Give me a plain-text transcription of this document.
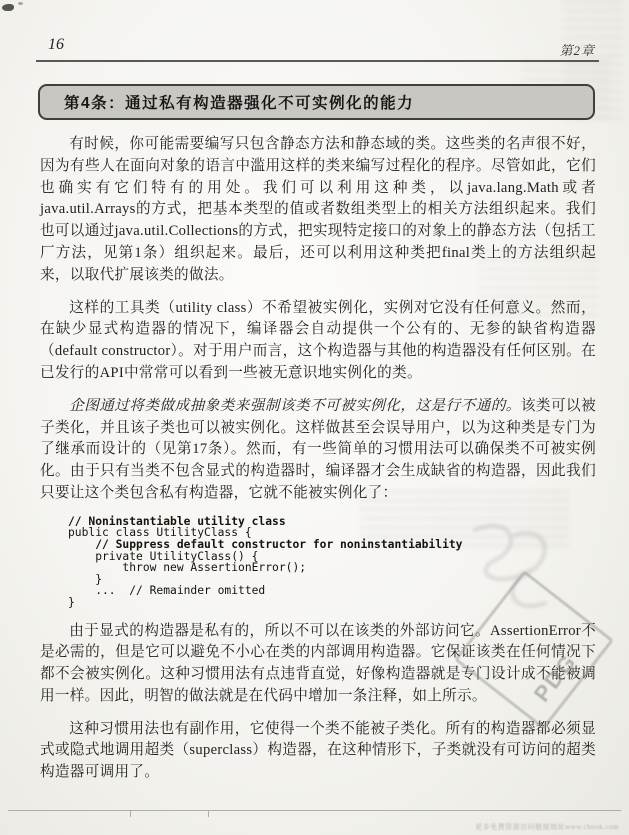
16	第2章
第4条：通过私有构造器强化不可实例化的能力

有时候，你可能需要编写只包含静态方法和静态域的类。这些类的名声很不好，因为有些人在面向对象的语言中滥用这样的类来编写过程化的程序。尽管如此，它们也确实有它们特有的用处。我们可以利用这种类，以java.lang.Math或者java.util.Arrays的方式，把基本类型的值或者数组类型上的相关方法组织起来。我们也可以通过java.util.Collections的方式，把实现特定接口的对象上的静态方法（包括工厂方法，见第1条）组织起来。最后，还可以利用这种类把final类上的方法组织起来，以取代扩展该类的做法。

这样的工具类（utility class）不希望被实例化，实例对它没有任何意义。然而，在缺少显式构造器的情况下，编译器会自动提供一个公有的、无参的缺省构造器（default constructor）。对于用户而言，这个构造器与其他的构造器没有任何区别。在已发行的API中常常可以看到一些被无意识地实例化的类。

企图通过将类做成抽象类来强制该类不可被实例化，这是行不通的。该类可以被子类化，并且该子类也可以被实例化。这样做甚至会误导用户，以为这种类是专门为了继承而设计的（见第17条）。然而，有一些简单的习惯用法可以确保类不可被实例化。由于只有当类不包含显式的构造器时，编译器才会生成缺省的构造器，因此我们只要让这个类包含私有构造器，它就不能被实例化了：

// Noninstantiable utility class
public class UtilityClass {
// Suppress default constructor for noninstantiability
private UtilityClass() {
throw new AssertionError();
}
...  // Remainder omitted
}

由于显式的构造器是私有的，所以不可以在该类的外部访问它。AssertionError不是必需的，但是它可以避免不小心在类的内部调用构造器。它保证该类在任何情况下都不会被实例化。这种习惯用法有点违背直觉，好像构造器就是专门设计成不能被调用一样。因此，明智的做法就是在代码中增加一条注释，如上所示。

这种习惯用法也有副作用，它使得一个类不能被子类化。所有的构造器都必须显式或隐式地调用超类（superclass）构造器，在这种情形下，子类就没有可访问的超类构造器可调用了。

PDG
更多免费资源访问链接地址www.chook.com
